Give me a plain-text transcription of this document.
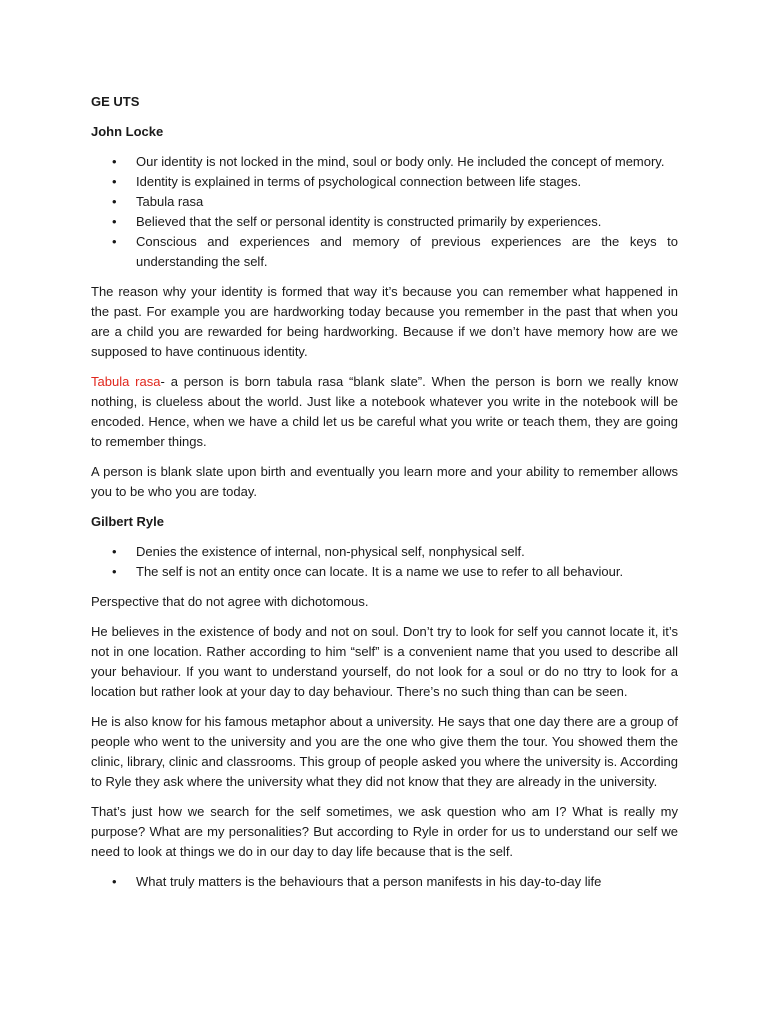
GE UTS
John Locke
• Our identity is not locked in the mind, soul or body only. He included the concept of memory.
• Identity is explained in terms of psychological connection between life stages.
• Tabula rasa
• Believed that the self or personal identity is constructed primarily by experiences.
• Conscious and experiences and memory of previous experiences are the keys to understanding the self.

The reason why your identity is formed that way it’s because you can remember what happened in the past. For example you are hardworking today because you remember in the past that when you are a child you are rewarded for being hardworking. Because if we don’t have memory how are we supposed to have continuous identity.

Tabula rasa- a person is born tabula rasa “blank slate”. When the person is born we really know nothing, is clueless about the world. Just like a notebook whatever you write in the notebook will be encoded. Hence, when we have a child let us be careful what you write or teach them, they are going to remember things.

A person is blank slate upon birth and eventually you learn more and your ability to remember allows you to be who you are today.

Gilbert Ryle
• Denies the existence of internal, non-physical self, nonphysical self.
• The self is not an entity once can locate. It is a name we use to refer to all behaviour.

Perspective that do not agree with dichotomous.

He believes in the existence of body and not on soul. Don’t try to look for self you cannot locate it, it’s not in one location. Rather according to him “self” is a convenient name that you used to describe all your behaviour. If you want to understand yourself, do not look for a soul or do no ttry to look for a location but rather look at your day to day behaviour. There’s no such thing than can be seen.

He is also know for his famous metaphor about a university. He says that one day there are a group of people who went to the university and you are the one who give them the tour. You showed them the clinic, library, clinic and classrooms. This group of people asked you where the university is. According to Ryle they ask where the university what they did not know that they are already in the university.

That’s just how we search for the self sometimes, we ask question who am I? What is really my purpose? What are my personalities? But according to Ryle in order for us to understand our self we need to look at things we do in our day to day life because that is the self.

• What truly matters is the behaviours that a person manifests in his day-to-day life
